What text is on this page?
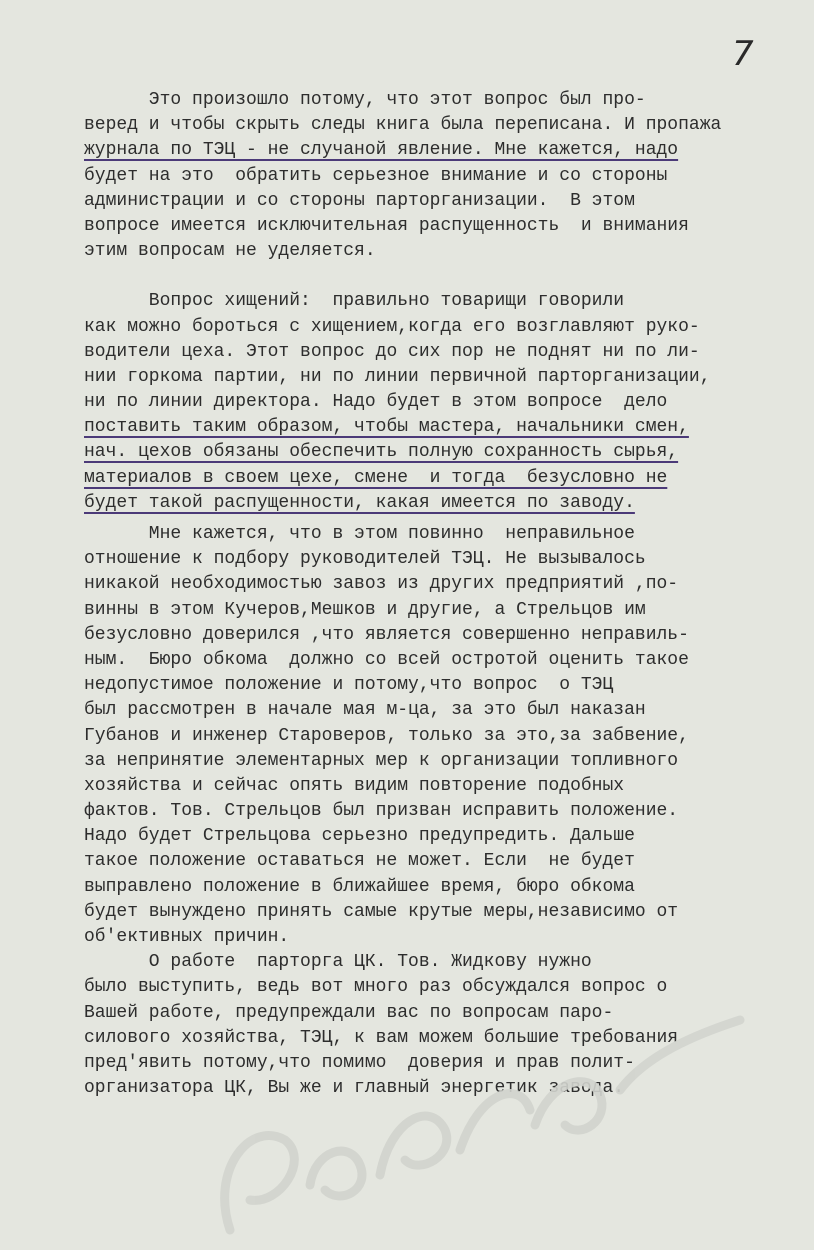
7
Это произошло потому, что этот вопрос был про-
веред и чтобы скрыть следы книга была переписана. И пропажа
журнала по ТЭЦ - не случаной явление. Мне кажется, надо
будет на это  обратить серьезное внимание и со стороны
администрации и со стороны парторганизации.  В этом
вопросе имеется исключительная распущенность  и внимания
этим вопросам не уделяется.
Вопрос хищений:  правильно товарищи говорили
как можно бороться с хищением,когда его возглавляют руко-
водители цеха. Этот вопрос до сих пор не поднят ни по ли-
нии горкома партии, ни по линии первичной парторганизации,
ни по линии директора. Надо будет в этом вопросе  дело
поставить таким образом, чтобы мастера, начальники смен,
нач. цехов обязаны обеспечить полную сохранность сырья,
материалов в своем цехе, смене  и тогда  безусловно не
будет такой распущенности, какая имеется по заводу.
Мне кажется, что в этом повинно  неправильное
отношение к подбору руководителей ТЭЦ. Не вызывалось
никакой необходимостью завоз из других предприятий ,по-
винны в этом Кучеров,Мешков и другие, а Стрельцов им
безусловно доверился ,что является совершенно неправиль-
ным.  Бюро обкома  должно со всей остротой оценить такое
недопустимое положение и потому,что вопрос  о ТЭЦ
был рассмотрен в начале мая м-ца, за это был наказан
Губанов и инженер Староверов, только за это,за забвение,
за непринятие элементарных мер к организации топливного
хозяйства и сейчас опять видим повторение подобных
фактов. Тов. Стрельцов был призван исправить положение.
Надо будет Стрельцова серьезно предупредить. Дальше
такое положение оставаться не может. Если  не будет
выправлено положение в ближайшее время, бюро обкома
будет вынуждено принять самые крутые меры,независимо от
об'ективных причин.
О работе  парторга ЦК. Тов. Жидкову нужно
было выступить, ведь вот много раз обсуждался вопрос о
Вашей работе, предупреждали вас по вопросам паро-
силового хозяйства, ТЭЦ, к вам можем большие требования
пред'явить потому,что помимо  доверия и прав полит-
организатора ЦК, Вы же и главный энергетик завода.
